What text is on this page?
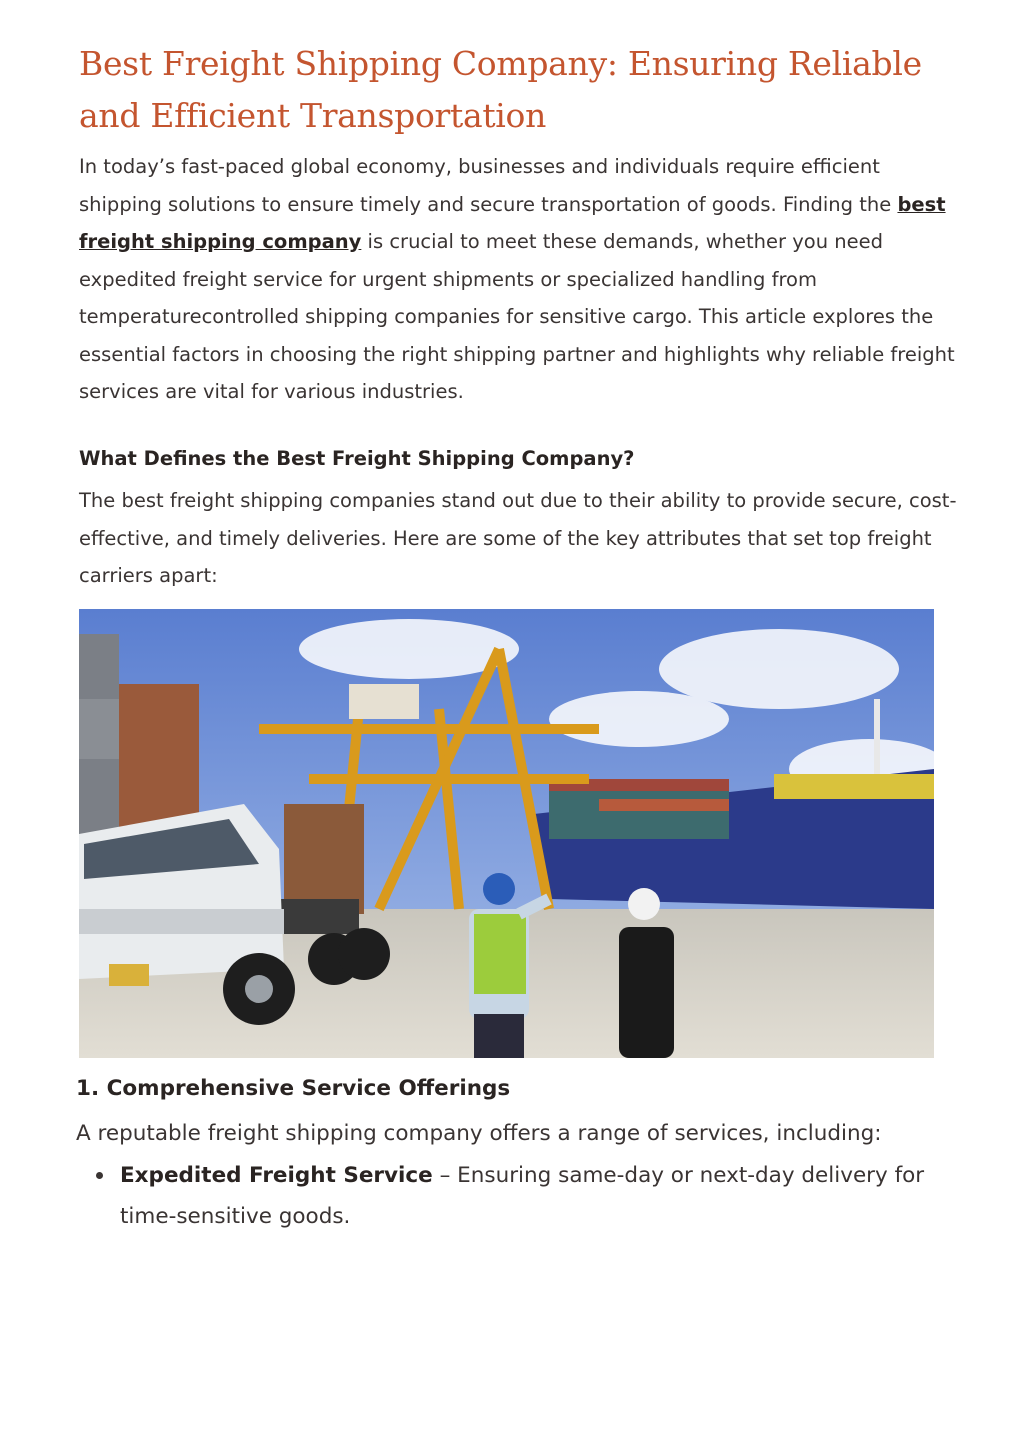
Best Freight Shipping Company: Ensuring Reliable and Efficient Transportation

In today’s fast-paced global economy, businesses and individuals require efficient shipping solutions to ensure timely and secure transportation of goods. Finding the best freight shipping company is crucial to meet these demands, whether you need expedited freight service for urgent shipments or specialized handling from temperaturecontrolled shipping companies for sensitive cargo. This article explores the essential factors in choosing the right shipping partner and highlights why reliable freight services are vital for various industries.

What Defines the Best Freight Shipping Company?

The best freight shipping companies stand out due to their ability to provide secure, cost-effective, and timely deliveries. Here are some of the key attributes that set top freight carriers apart:

1. Comprehensive Service Offerings

A reputable freight shipping company offers a range of services, including:

Expedited Freight Service – Ensuring same-day or next-day delivery for time-sensitive goods.
